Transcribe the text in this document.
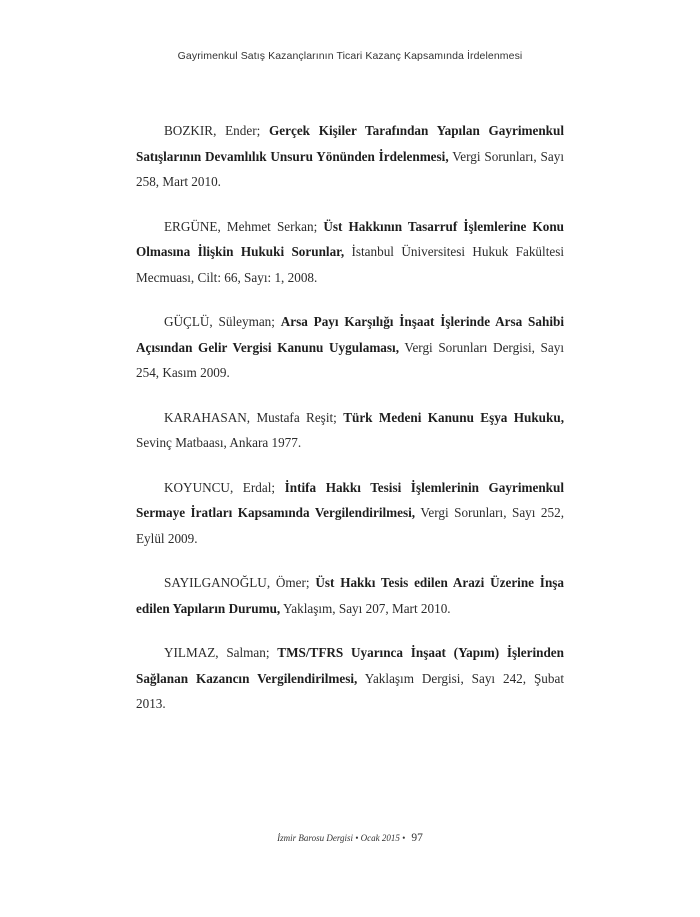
Gayrimenkul Satış Kazançlarının Ticari Kazanç Kapsamında İrdelenmesi

BOZKIR, Ender; Gerçek Kişiler Tarafından Yapılan Gayrimenkul Satışlarının Devamlılık Unsuru Yönünden İrdelenmesi, Vergi Sorunları, Sayı 258, Mart 2010.

ERGÜNE, Mehmet Serkan; Üst Hakkının Tasarruf İşlemlerine Konu Olmasına İlişkin Hukuki Sorunlar, İstanbul Üniversitesi Hukuk Fakültesi Mecmuası, Cilt: 66, Sayı: 1, 2008.

GÜÇLÜ, Süleyman; Arsa Payı Karşılığı İnşaat İşlerinde Arsa Sahibi Açısından Gelir Vergisi Kanunu Uygulaması, Vergi Sorunları Dergisi, Sayı 254, Kasım 2009.

KARAHASAN, Mustafa Reşit; Türk Medeni Kanunu Eşya Hukuku, Sevinç Matbaası, Ankara 1977.

KOYUNCU, Erdal; İntifa Hakkı Tesisi İşlemlerinin Gayrimenkul Sermaye İratları Kapsamında Vergilendirilmesi, Vergi Sorunları, Sayı 252, Eylül 2009.

SAYILGANOĞLU, Ömer; Üst Hakkı Tesis edilen Arazi Üzerine İnşa edilen Yapıların Durumu, Yaklaşım, Sayı 207, Mart 2010.

YILMAZ, Salman; TMS/TFRS Uyarınca İnşaat (Yapım) İşlerinden Sağlanan Kazancın Vergilendirilmesi, Yaklaşım Dergisi, Sayı 242, Şubat 2013.

İzmir Barosu Dergisi • Ocak 2015 • 97
